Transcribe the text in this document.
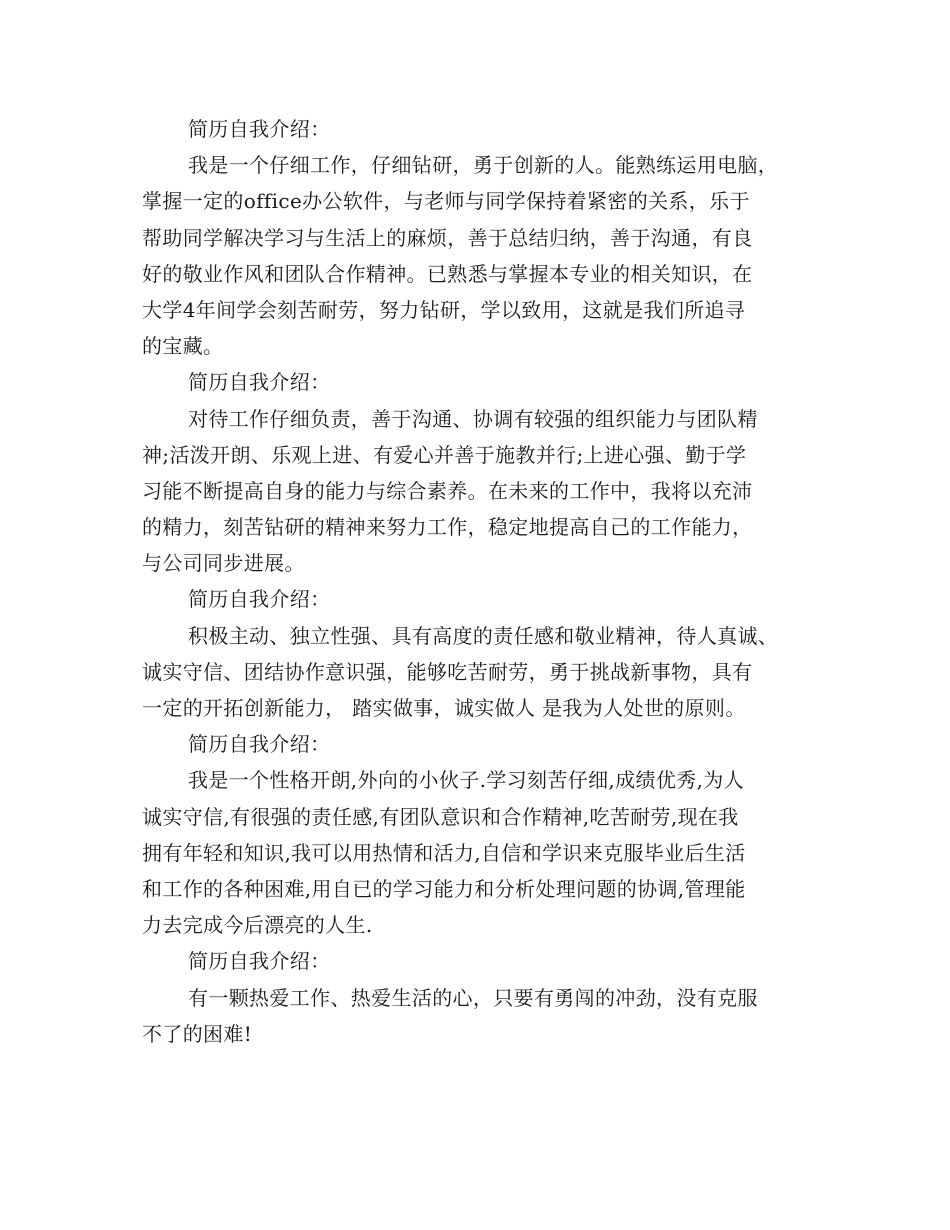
简历自我介绍：
我是一个仔细工作，仔细钻研，勇于创新的人。能熟练运用电脑，
掌握一定的office办公软件，与老师与同学保持着紧密的关系，乐于
帮助同学解决学习与生活上的麻烦，善于总结归纳，善于沟通，有良
好的敬业作风和团队合作精神。已熟悉与掌握本专业的相关知识，在
大学4年间学会刻苦耐劳，努力钻研，学以致用，这就是我们所追寻
的宝藏。
简历自我介绍：
对待工作仔细负责，善于沟通、协调有较强的组织能力与团队精
神;活泼开朗、乐观上进、有爱心并善于施教并行;上进心强、勤于学
习能不断提高自身的能力与综合素养。在未来的工作中，我将以充沛
的精力，刻苦钻研的精神来努力工作，稳定地提高自己的工作能力，
与公司同步进展。
简历自我介绍：
积极主动、独立性强、具有高度的责任感和敬业精神，待人真诚、
诚实守信、团结协作意识强，能够吃苦耐劳，勇于挑战新事物，具有
一定的开拓创新能力， 踏实做事，诚实做人 是我为人处世的原则。
简历自我介绍：
我是一个性格开朗,外向的小伙子.学习刻苦仔细,成绩优秀,为人
诚实守信,有很强的责任感,有团队意识和合作精神,吃苦耐劳,现在我
拥有年轻和知识,我可以用热情和活力,自信和学识来克服毕业后生活
和工作的各种困难,用自已的学习能力和分析处理问题的协调,管理能
力去完成今后漂亮的人生.
简历自我介绍：
有一颗热爱工作、热爱生活的心，只要有勇闯的冲劲，没有克服
不了的困难!
